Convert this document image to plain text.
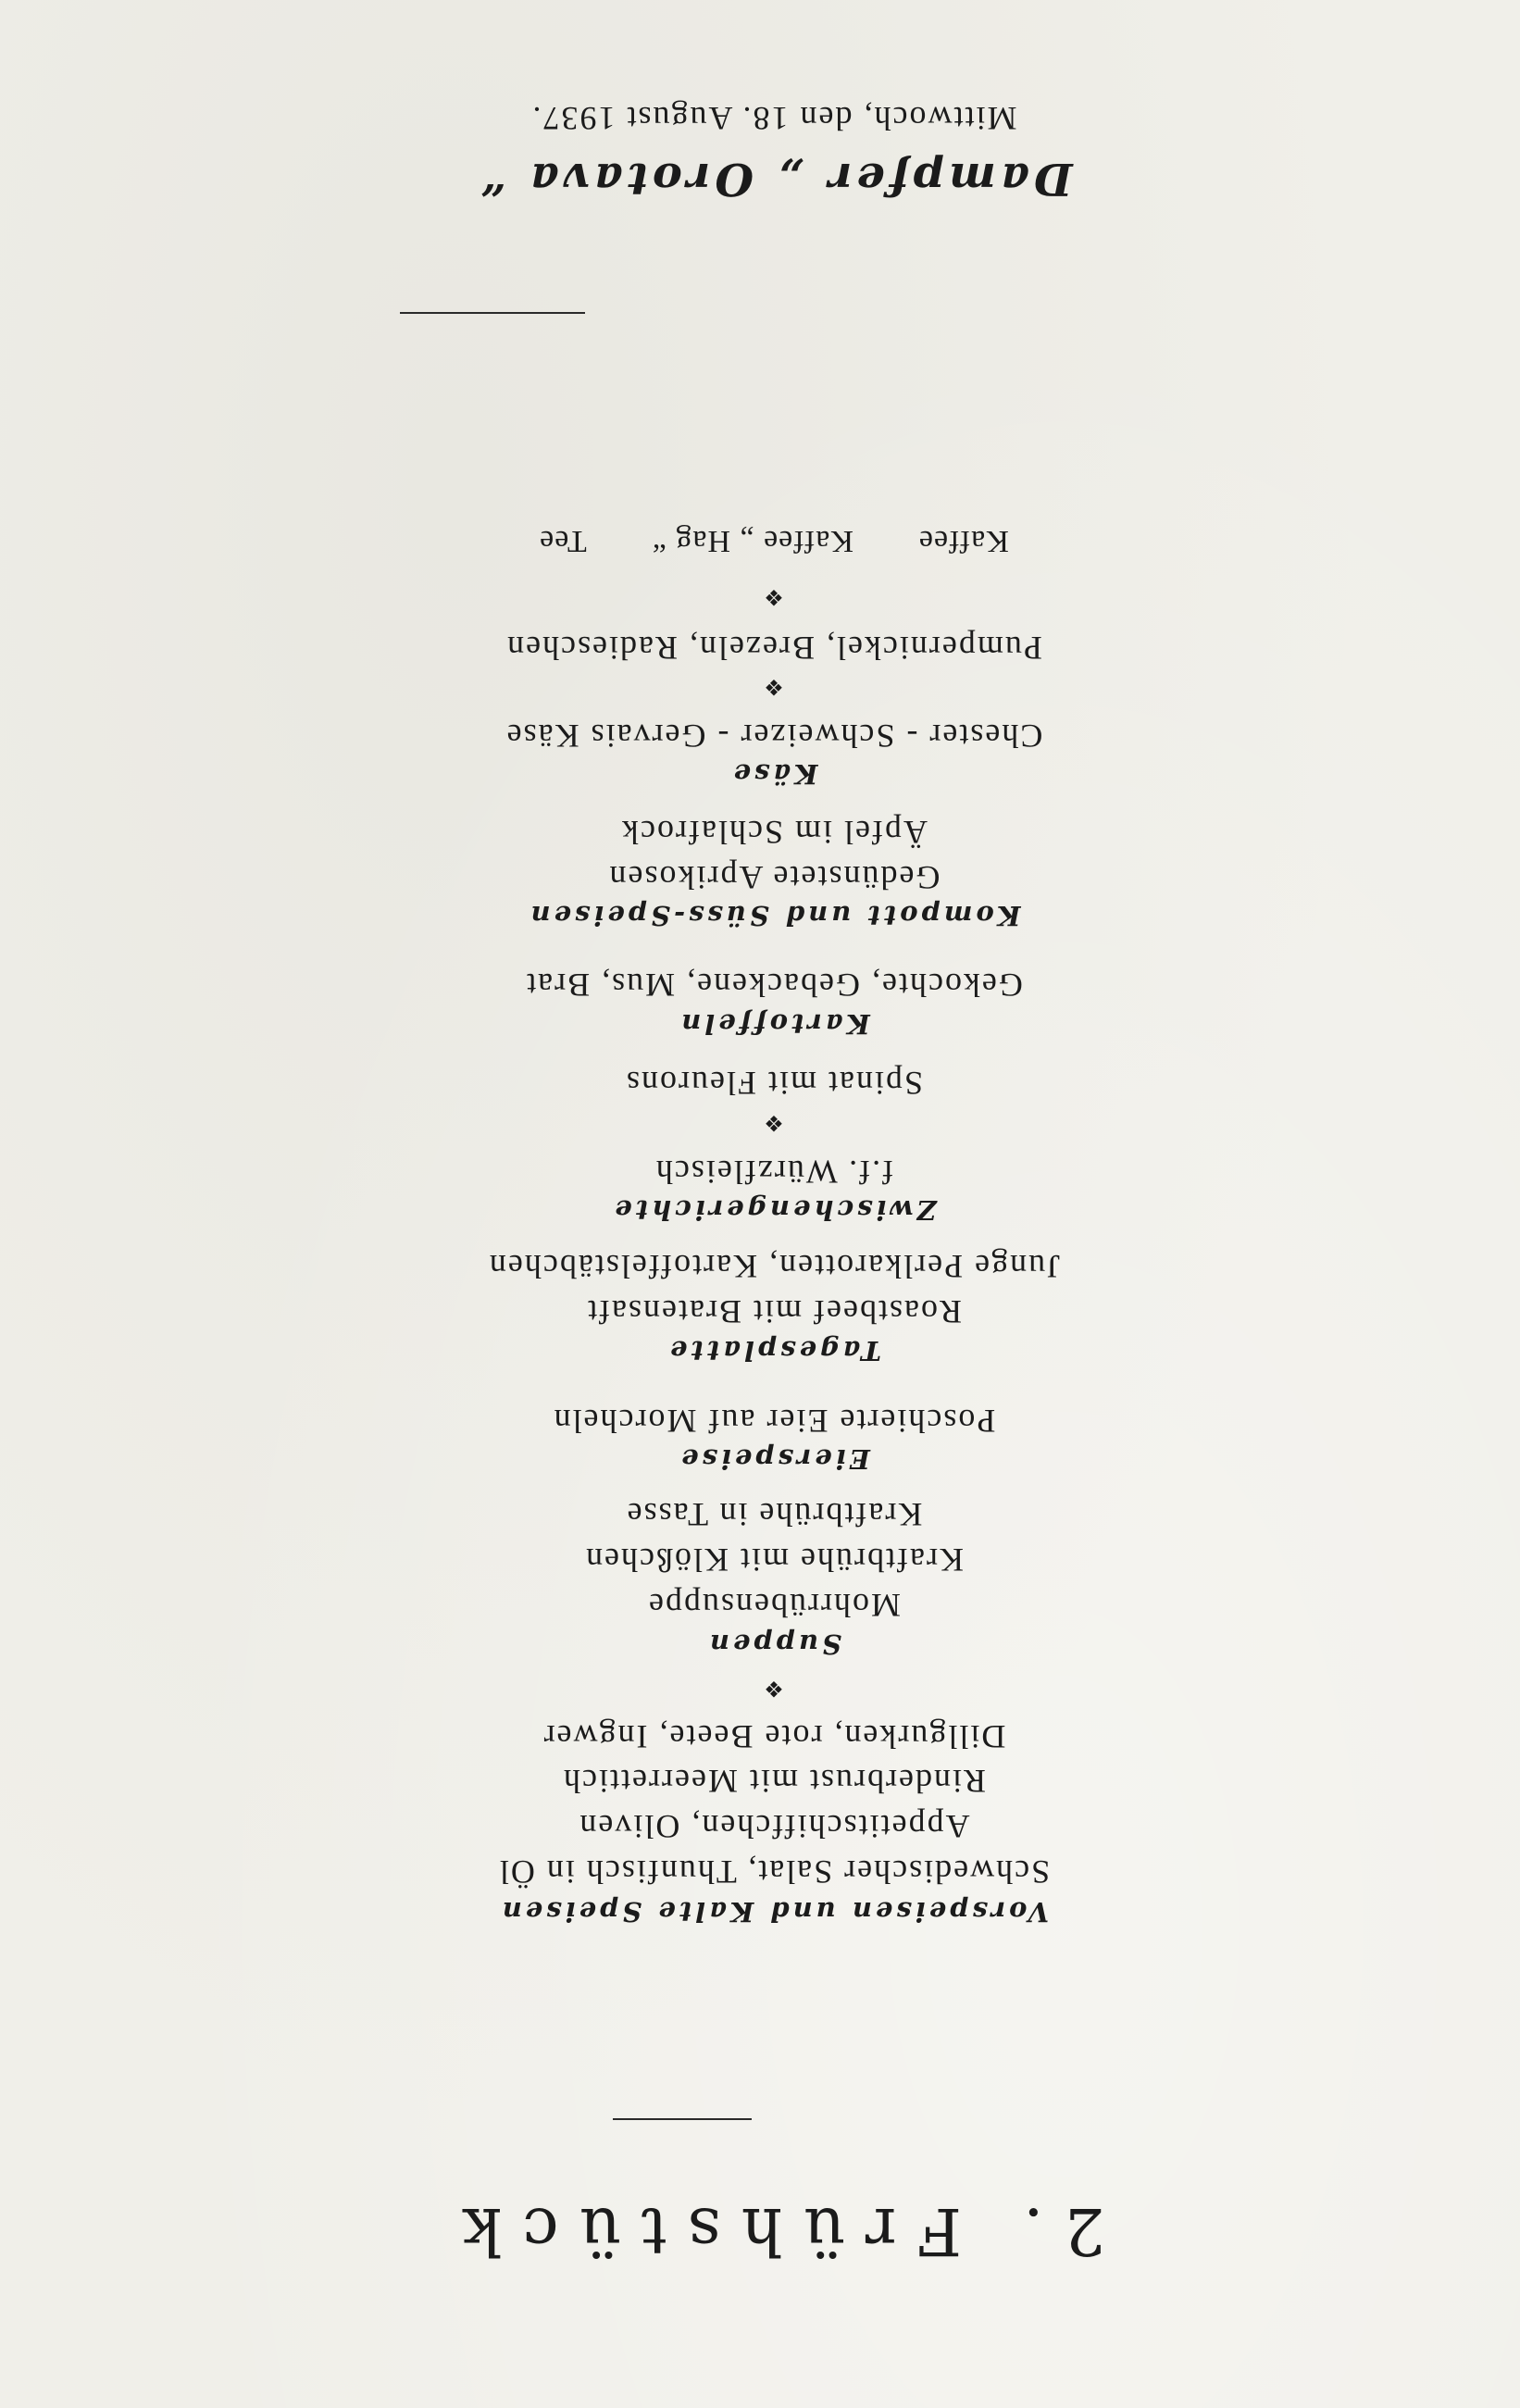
2. Frühstück
Vorspeisen und Kalte Speisen
Schwedischer Salat, Thunfisch in Öl
Appetitschiffchen, Oliven
Rinderbrust mit Meerrettich
Dillgurken, rote Beete, Ingwer
❖
Suppen
Mohrrübensuppe
Kraftbrühe mit Klößchen
Kraftbrühe in Tasse
Eierspeise
Poschierte Eier auf Morcheln
Tagesplatte
Roastbeef mit Bratensaft
Junge Perlkarotten, Kartoffelstäbchen
Zwischengerichte
f.f. Würzfleisch
❖
Spinat mit Fleurons
Kartoffeln
Gekochte, Gebackene, Mus, Brat
Kompott und Süss-Speisen
Gedünstete Aprikosen
Äpfel im Schlafrock
Käse
Chester - Schweizer - Gervais Käse
❖
Pumpernickel, Brezeln, Radieschen
❖
Kaffee
Kaffee „ Hag “
Tee
Dampfer „ Orotava “
Mittwoch, den 18. August 1937.
